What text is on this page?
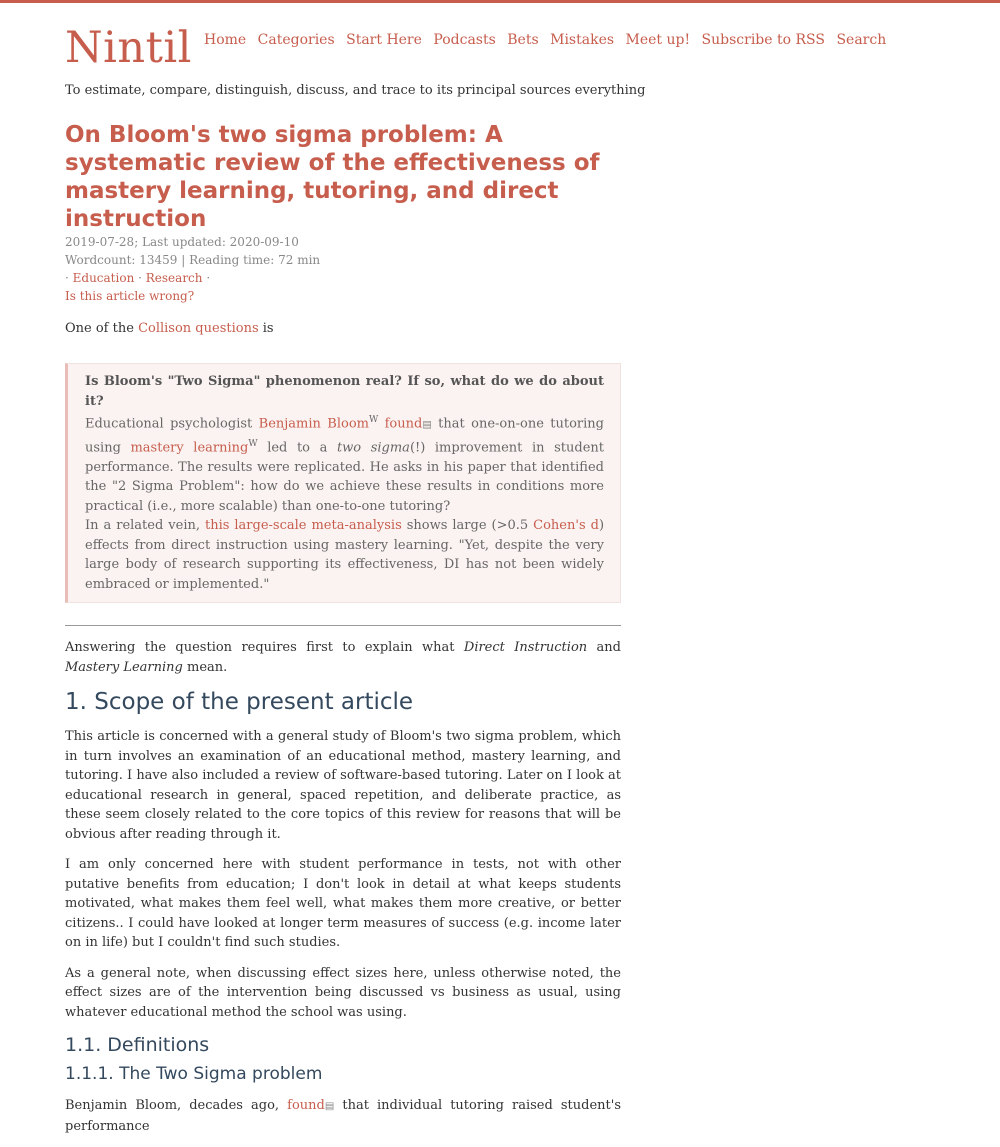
Nintil Home Categories Start Here Podcasts Bets Mistakes Meet up! Subscribe to RSS Search
To estimate, compare, distinguish, discuss, and trace to its principal sources everything
On Bloom's two sigma problem: A systematic review of the effectiveness of mastery learning, tutoring, and direct instruction
2019-07-28; Last updated: 2020-09-10
Wordcount: 13459 | Reading time: 72 min
· Education · Research ·
Is this article wrong?
One of the Collison questions is
Is Bloom's "Two Sigma" phenomenon real? If so, what do we do about it?
Educational psychologist Benjamin Bloom$^W$ found▤ that one-on-one tutoring using mastery learning$^W$ led to a two sigma(!) improvement in student performance. The results were replicated. He asks in his paper that identified the "2 Sigma Problem": how do we achieve these results in conditions more practical (i.e., more scalable) than one-to-one tutoring?
In a related vein, this large-scale meta-analysis shows large (>0.5 Cohen's d) effects from direct instruction using mastery learning. "Yet, despite the very large body of research supporting its effectiveness, DI has not been widely embraced or implemented."

Answering the question requires first to explain what Direct Instruction and Mastery Learning mean.

1. Scope of the present article

This article is concerned with a general study of Bloom's two sigma problem, which in turn involves an examination of an educational method, mastery learning, and tutoring. I have also included a review of software-based tutoring. Later on I look at educational research in general, spaced repetition, and deliberate practice, as these seem closely related to the core topics of this review for reasons that will be obvious after reading through it.

I am only concerned here with student performance in tests, not with other putative benefits from education; I don't look in detail at what keeps students motivated, what makes them feel well, what makes them more creative, or better citizens.. I could have looked at longer term measures of success (e.g. income later on in life) but I couldn't find such studies.

As a general note, when discussing effect sizes here, unless otherwise noted, the effect sizes are of the intervention being discussed vs business as usual, using whatever educational method the school was using.

1.1. Definitions
1.1.1. The Two Sigma problem

Benjamin Bloom, decades ago, found▤ that individual tutoring raised student's performance
